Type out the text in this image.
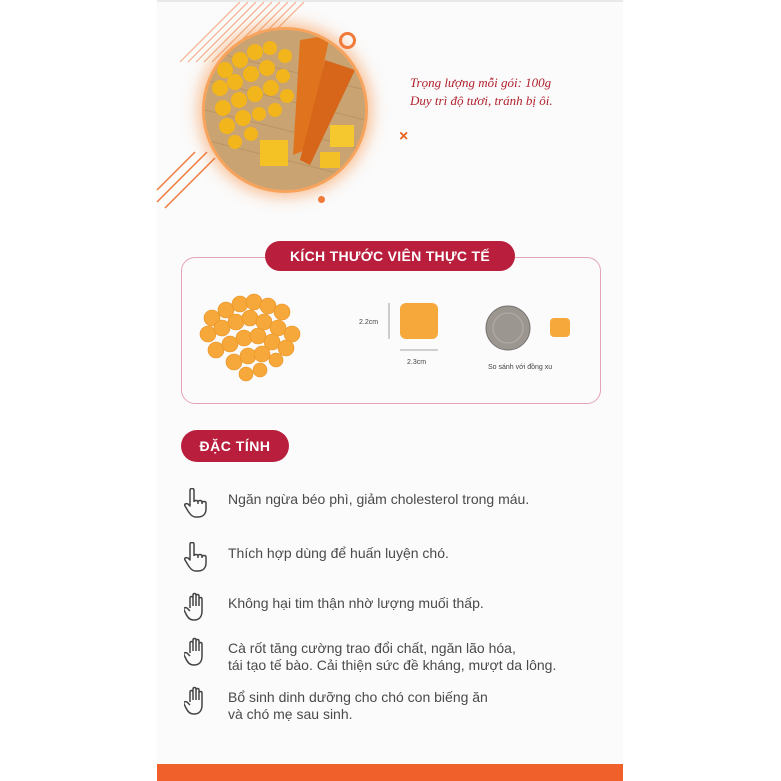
×
Trọng lượng mỗi gói: 100g
Duy trì độ tươi, tránh bị ôi.
KÍCH THƯỚC VIÊN THỰC TẾ
2.2cm
2.3cm
So sánh với đồng xu
ĐẶC TÍNH
Ngăn ngừa béo phì, giảm cholesterol trong máu.
Thích hợp dùng để huấn luyện chó.
Không hại tim thận nhờ lượng muối thấp.
Cà rốt tăng cường trao đổi chất, ngăn lão hóa,
tái tạo tế bào. Cải thiện sức đề kháng, mượt da lông.
Bổ sinh dinh dưỡng cho chó con biếng ăn
và chó mẹ sau sinh.
